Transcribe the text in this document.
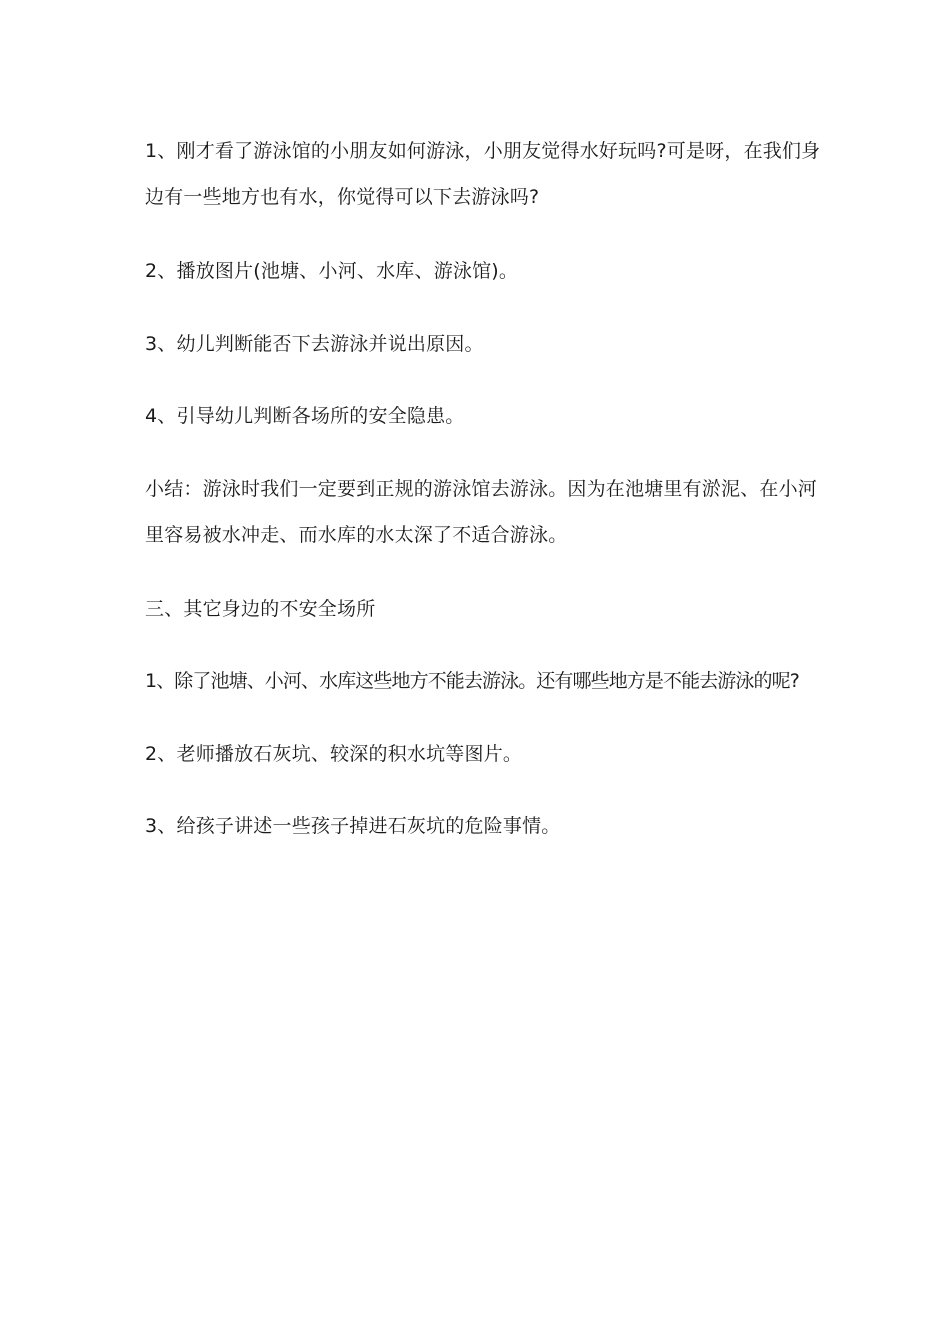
1、刚才看了游泳馆的小朋友如何游泳，小朋友觉得水好玩吗?可是呀，在我们身
边有一些地方也有水，你觉得可以下去游泳吗?

2、播放图片(池塘、小河、水库、游泳馆)。

3、幼儿判断能否下去游泳并说出原因。

4、引导幼儿判断各场所的安全隐患。

小结：游泳时我们一定要到正规的游泳馆去游泳。因为在池塘里有淤泥、在小河
里容易被水冲走、而水库的水太深了不适合游泳。

三、其它身边的不安全场所

1、除了池塘、小河、水库这些地方不能去游泳。还有哪些地方是不能去游泳的呢?

2、老师播放石灰坑、较深的积水坑等图片。

3、给孩子讲述一些孩子掉进石灰坑的危险事情。
